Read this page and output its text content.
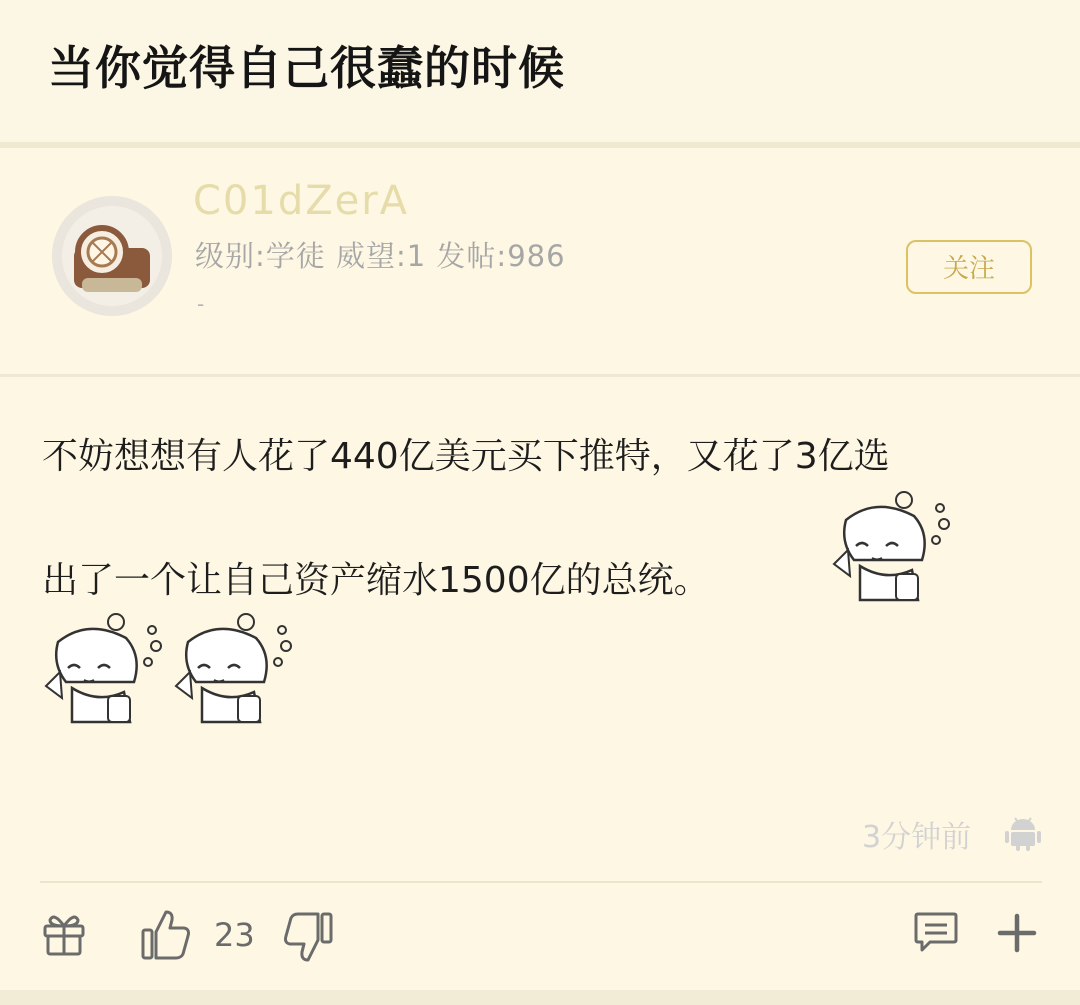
当你觉得自己很蠢的时候
C01dZerA
级别:学徒 威望:1 发帖:986
-
关注
不妨想想有人花了440亿美元买下推特，又花了3亿选
出了一个让自己资产缩水1500亿的总统。
3分钟前
23
